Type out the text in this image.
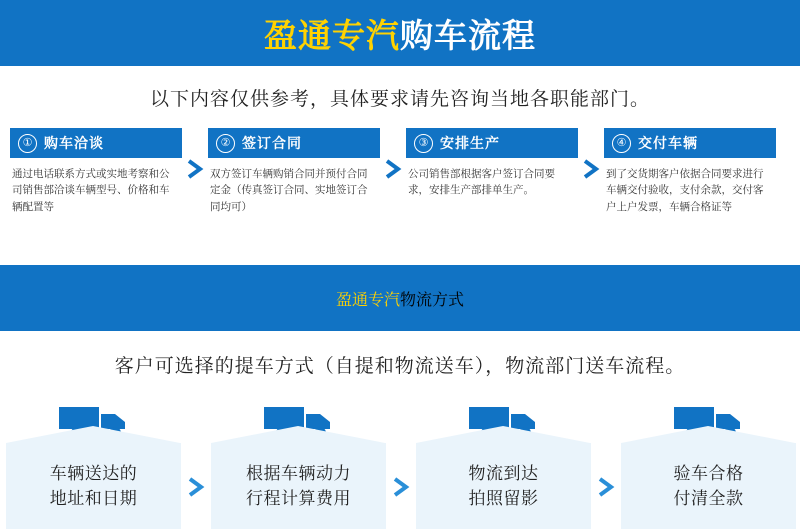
盈通专汽购车流程
以下内容仅供参考，具体要求请先咨询当地各职能部门。
① 购车洽谈
通过电话联系方式或实地考察和公司销售部洽谈车辆型号、价格和车辆配置等
② 签订合同
双方签订车辆购销合同并预付合同定金（传真签订合同、实地签订合同均可）
③ 安排生产
公司销售部根据客户签订合同要求，安排生产部排单生产。
④ 交付车辆
到了交货期客户依据合同要求进行车辆交付验收，支付余款，交付客户上户发票，车辆合格证等
盈通专汽物流方式
客户可选择的提车方式（自提和物流送车），物流部门送车流程。
车辆送达的
地址和日期
根据车辆动力
行程计算费用
物流到达
拍照留影
验车合格
付清全款
